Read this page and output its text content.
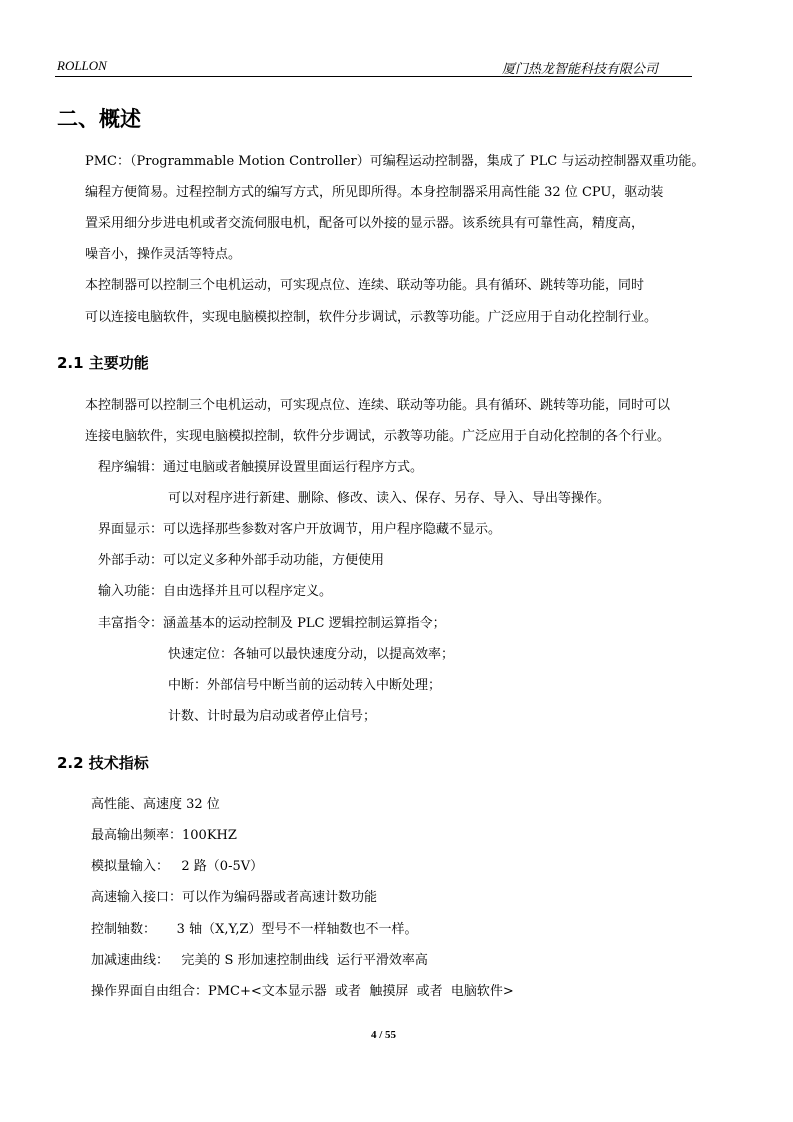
ROLLON	厦门热龙智能科技有限公司
二、概述
PMC：（Programmable Motion Controller）可编程运动控制器，集成了 PLC 与运动控制器双重功能。
编程方便简易。过程控制方式的编写方式，所见即所得。本身控制器采用高性能 32 位 CPU，驱动装
置采用细分步进电机或者交流伺服电机，配备可以外接的显示器。该系统具有可靠性高，精度高，
噪音小，操作灵活等特点。
本控制器可以控制三个电机运动，可实现点位、连续、联动等功能。具有循环、跳转等功能，同时
可以连接电脑软件，实现电脑模拟控制，软件分步调试，示教等功能。广泛应用于自动化控制行业。
2.1 主要功能
本控制器可以控制三个电机运动，可实现点位、连续、联动等功能。具有循环、跳转等功能，同时可以
连接电脑软件，实现电脑模拟控制，软件分步调试，示教等功能。广泛应用于自动化控制的各个行业。
程序编辑：通过电脑或者触摸屏设置里面运行程序方式。
可以对程序进行新建、删除、修改、读入、保存、另存、导入、导出等操作。
界面显示：可以选择那些参数对客户开放调节，用户程序隐藏不显示。
外部手动：可以定义多种外部手动功能，方便使用
输入功能：自由选择并且可以程序定义。
丰富指令：涵盖基本的运动控制及 PLC 逻辑控制运算指令；
快速定位：各轴可以最快速度分动，以提高效率；
中断：外部信号中断当前的运动转入中断处理；
计数、计时最为启动或者停止信号；
2.2 技术指标
高性能、高速度 32 位
最高输出频率：100KHZ
模拟量输入：   2 路（0-5V）
高速输入接口：可以作为编码器或者高速计数功能
控制轴数：     3 轴（X,Y,Z）型号不一样轴数也不一样。
加减速曲线：   完美的 S 形加速控制曲线  运行平滑效率高
操作界面自由组合：PMC+<文本显示器  或者  触摸屏  或者  电脑软件>
4 / 55
